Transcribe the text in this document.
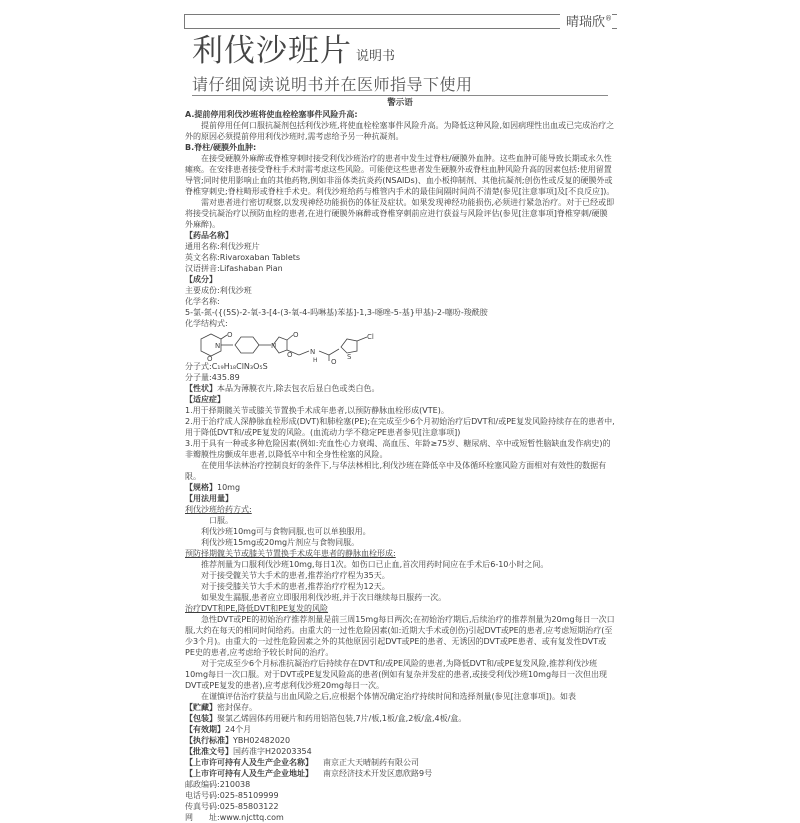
晴瑞欣®
利伐沙班片 说明书
请仔细阅读说明书并在医师指导下使用

警示语

A.提前停用利伐沙班将使血栓栓塞事件风险升高:

提前停用任何口服抗凝剂包括利伐沙班,将使血栓栓塞事件风险升高。为降低这种风险,如因病理性出血或已完成治疗之外的原因必须提前停用利伐沙班时,需考虑给予另一种抗凝剂。

B.脊柱/硬膜外血肿:

在接受硬膜外麻醉或脊椎穿刺时接受利伐沙班治疗的患者中发生过脊柱/硬膜外血肿。这些血肿可能导致长期或永久性瘫痪。在安排患者接受脊柱手术时需考虑这些风险。可能使这些患者发生硬膜外或脊柱血肿风险升高的因素包括:使用留置导管;同时使用影响止血的其他药物,例如非甾体类抗炎药(NSAIDs)、血小板抑制剂、其他抗凝剂;创伤性或反复的硬膜外或脊椎穿刺史;脊柱畸形或脊柱手术史。利伐沙班给药与椎管内手术的最佳间隔时间尚不清楚(参见[注意事项]及[不良反应])。

需对患者进行密切观察,以发现神经功能损伤的体征及症状。如果发现神经功能损伤,必须进行紧急治疗。对于已经或即将接受抗凝治疗以预防血栓的患者,在进行硬膜外麻醉或脊椎穿刺前应进行获益与风险评估(参见[注意事项]脊椎穿刺/硬膜外麻醉)。

【药品名称】

通用名称:利伐沙班片

英文名称:Rivaroxaban Tablets

汉语拼音:Lifashaban Pian

【成分】

主要成份:利伐沙班

化学名称:

5-氯-氮-({(5S)-2-氧-3-[4-(3-氧-4-吗啉基)苯基]-1,3-噁唑-5-基}甲基)-2-噻吩-羧酰胺

化学结构式:

O
O
N
O
N
O N
H O
S
Cl

分子式:C₁₉H₁₈ClN₃O₅S

分子量:435.89

【性状】本品为薄膜衣片,除去包衣后显白色或类白色。

【适应症】

1.用于择期髋关节或膝关节置换手术成年患者,以预防静脉血栓形成(VTE)。

2.用于治疗成人深静脉血栓形成(DVT)和肺栓塞(PE);在完成至少6个月初始治疗后DVT和/或PE复发风险持续存在的患者中,用于降低DVT和/或PE复发的风险。(血流动力学不稳定PE患者参见[注意事项])

3.用于具有一种或多种危险因素(例如:充血性心力衰竭、高血压、年龄≥75岁、糖尿病、卒中或短暂性脑缺血发作病史)的非瓣膜性房颤成年患者,以降低卒中和全身性栓塞的风险。

在使用华法林治疗控制良好的条件下,与华法林相比,利伐沙班在降低卒中及体循环栓塞风险方面相对有效性的数据有限。

【规格】10mg

【用法用量】

利伐沙班给药方式:

口服。

利伐沙班10mg可与食物同服,也可以单独服用。

利伐沙班15mg或20mg片剂应与食物同服。

预防择期髋关节或膝关节置换手术成年患者的静脉血栓形成:

推荐剂量为口服利伐沙班10mg,每日1次。如伤口已止血,首次用药时间应在手术后6-10小时之间。

对于接受髋关节大手术的患者,推荐治疗疗程为35天。

对于接受膝关节大手术的患者,推荐治疗疗程为12天。

如果发生漏服,患者应立即服用利伐沙班,并于次日继续每日服药一次。

治疗DVT和PE,降低DVT和PE复发的风险

急性DVT或PE的初始治疗推荐剂量是前三周15mg每日两次;在初始治疗期后,后续治疗的推荐剂量为20mg每日一次口服,大约在每天的相同时间给药。由重大的一过性危险因素(如:近期大手术或创伤)引起DVT或PE的患者,应考虑短期治疗(至少3个月)。由重大的一过性危险因素之外的其他原因引起DVT或PE的患者、无诱因的DVT或PE患者、或有复发性DVT或PE史的患者,应考虑给予较长时间的治疗。

对于完成至少6个月标准抗凝治疗后持续存在DVT和/或PE风险的患者,为降低DVT和/或PE复发风险,推荐利伐沙班10mg每日一次口服。对于DVT或PE复发风险高的患者(例如有复杂并发症的患者,或接受利伐沙班10mg每日一次但出现DVT或PE复发的患者),应考虑利伐沙班20mg每日一次。

在谨慎评估治疗获益与出血风险之后,应根据个体情况确定治疗持续时间和选择剂量(参见[注意事项])。如表

【贮藏】密封保存。

【包装】聚氯乙烯固体药用硬片和药用铝箔包装,7片/板,1板/盒,2板/盒,4板/盒。

【有效期】24个月

【执行标准】YBH02482020

【批准文号】国药准字H20203354

【上市许可持有人及生产企业名称】	南京正大天晴制药有限公司

【上市许可持有人及生产企业地址】	南京经济技术开发区惠欣路9号

邮政编码:210038

电话号码:025-85109999

传真号码:025-85803122

网　　址:www.njcttq.com
